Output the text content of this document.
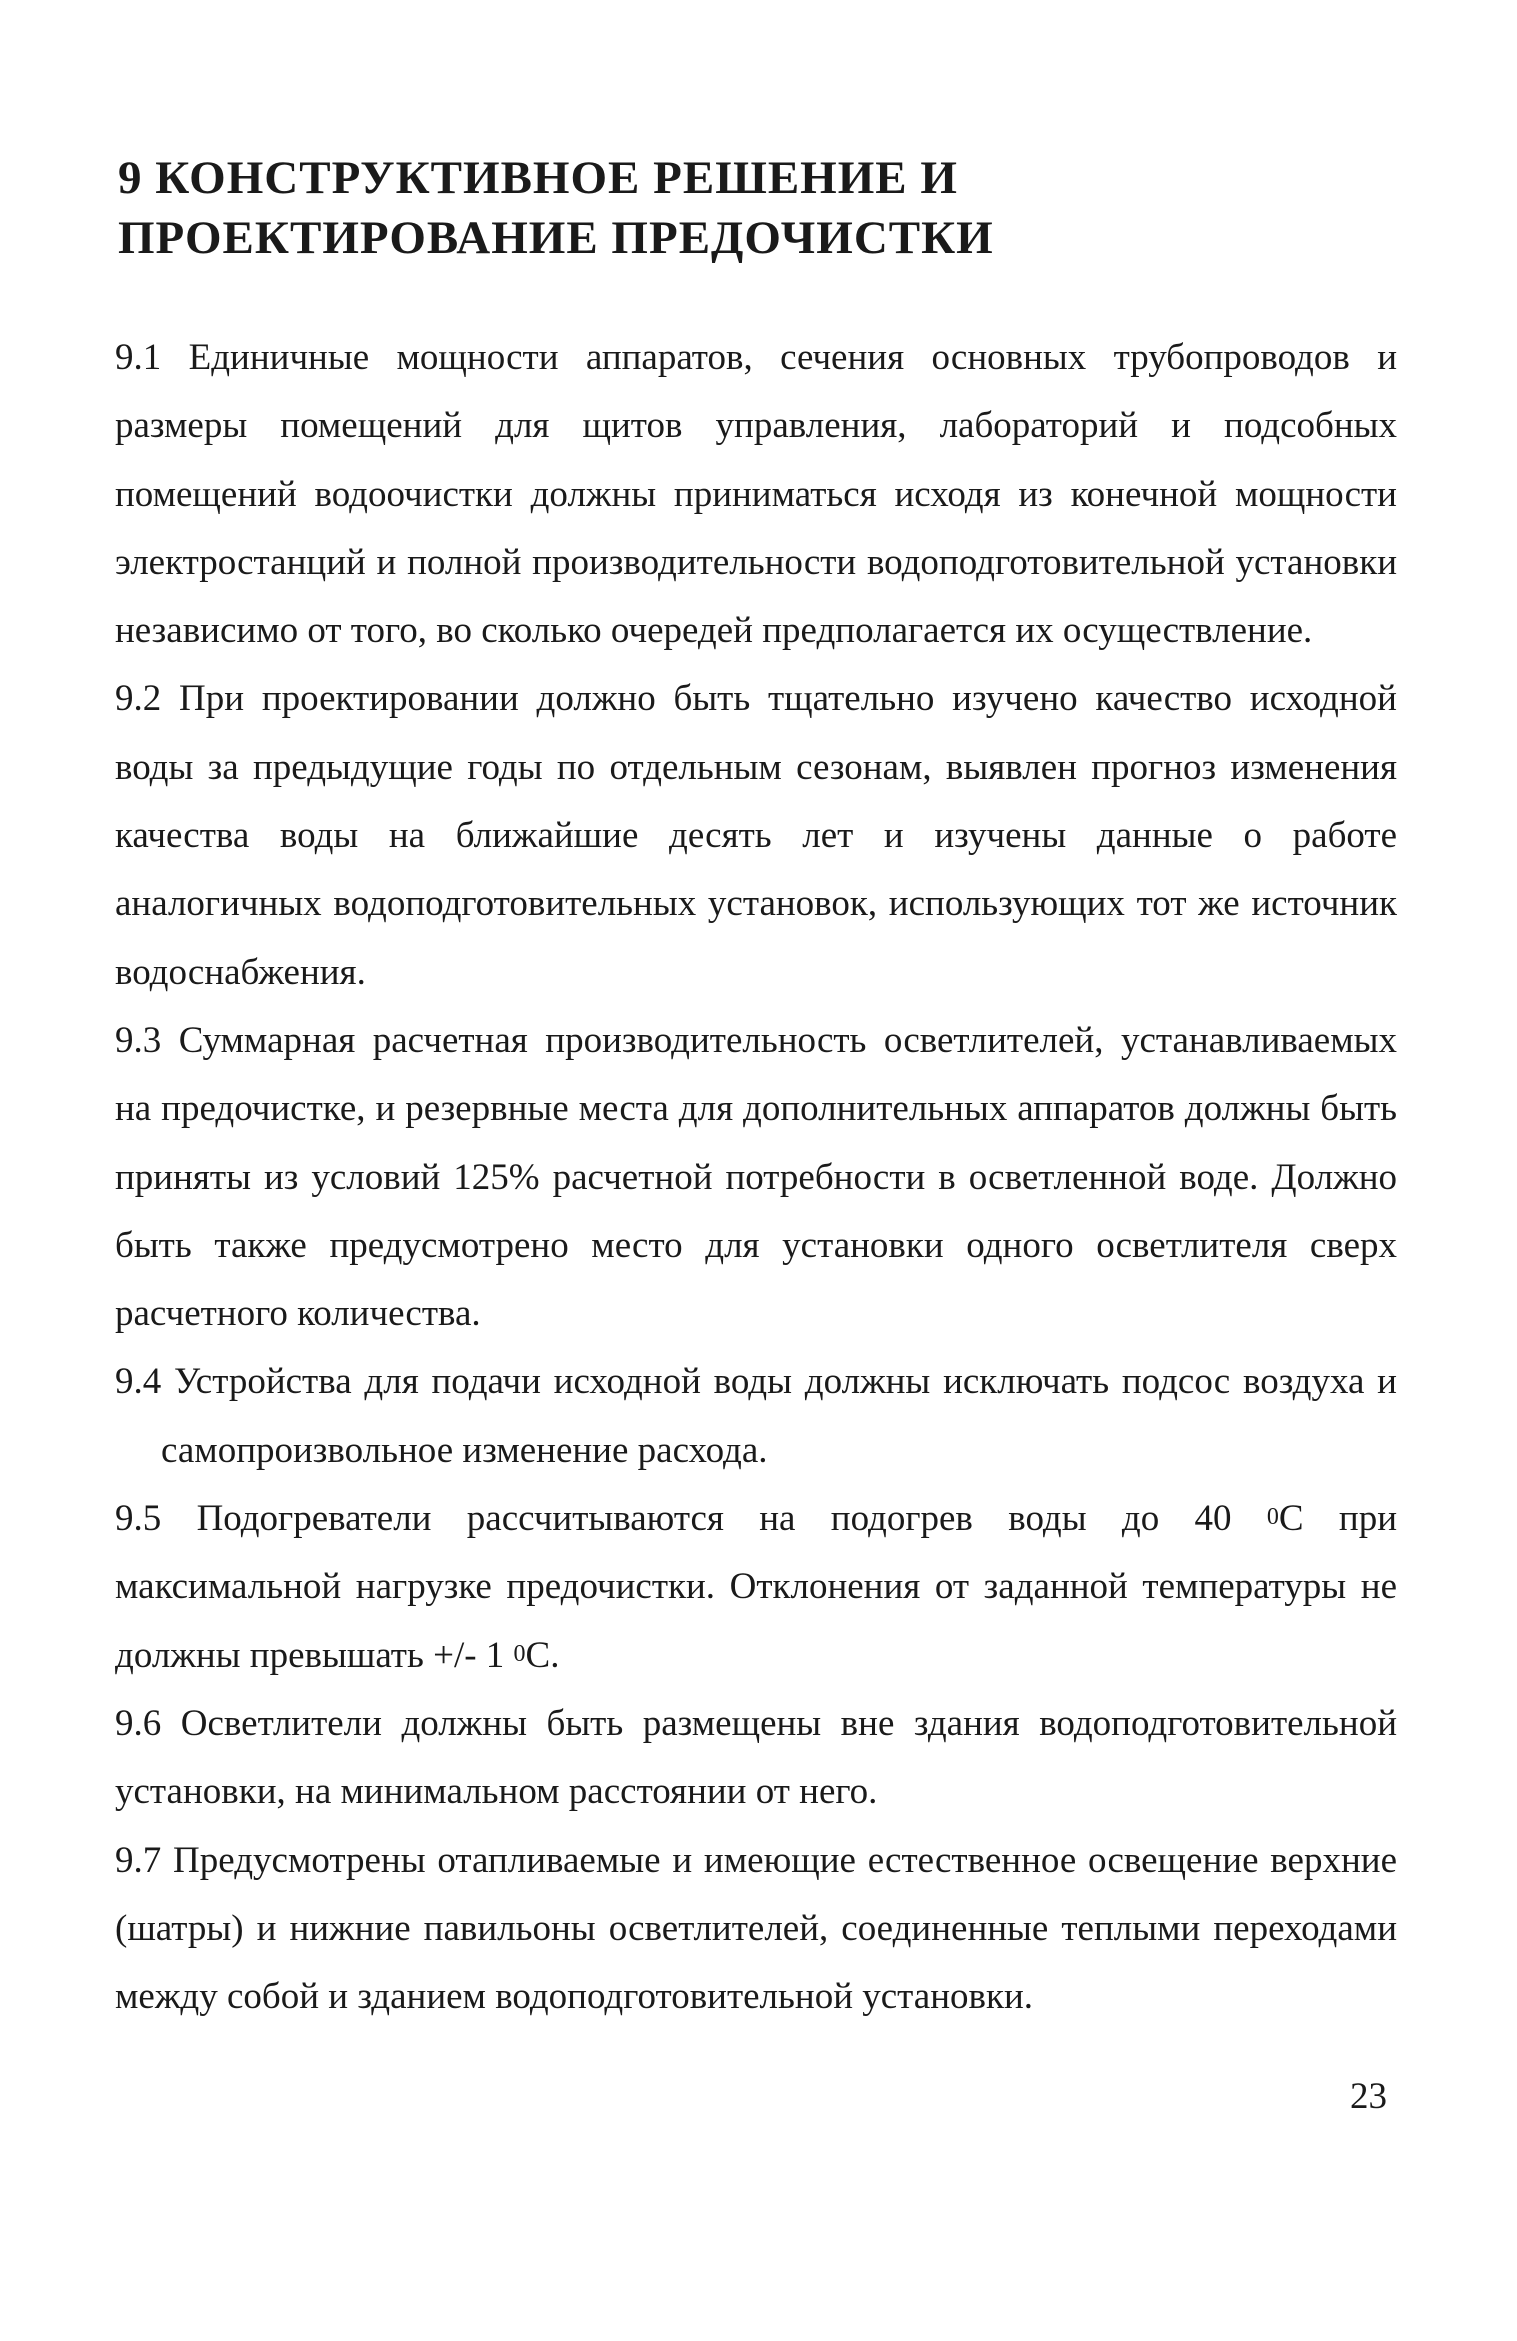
9 КОНСТРУКТИВНОЕ РЕШЕНИЕ И ПРОЕКТИРОВАНИЕ ПРЕДОЧИСТКИ

9.1 Единичные мощности аппаратов, сечения основных трубопроводов и размеры помещений для щитов управления, лабораторий и подсобных помещений водоочистки должны приниматься исходя из конечной мощности электростанций и полной производительности водоподготовительной установки независимо от того, во сколько очередей предполагается их осуществление.

9.2 При проектировании должно быть тщательно изучено качество исходной воды за предыдущие годы по отдельным сезонам, выявлен прогноз изменения качества воды на ближайшие десять лет и изучены данные о работе аналогичных водоподготовительных установок, использующих тот же источник водоснабжения.

9.3 Суммарная расчетная производительность осветлителей, устанавливаемых на предочистке, и резервные места для дополнительных аппаратов должны быть приняты из условий 125% расчетной потребности в осветленной воде. Должно быть также предусмотрено место для установки одного осветлителя сверх расчетного количества.

9.4 Устройства для подачи исходной воды должны исключать подсос воздуха и самопроизвольное изменение расхода.

9.5 Подогреватели рассчитываются на подогрев воды до 40 $^0$С при максимальной нагрузке предочистки. Отклонения от заданной температуры не должны превышать +/- 1 $^0$С.

9.6 Осветлители должны быть размещены вне здания водоподготовительной установки, на минимальном расстоянии от него.

9.7 Предусмотрены отапливаемые и имеющие естественное освещение верхние (шатры) и нижние павильоны осветлителей, соединенные теплыми переходами между собой и зданием водоподготовительной установки.

23
